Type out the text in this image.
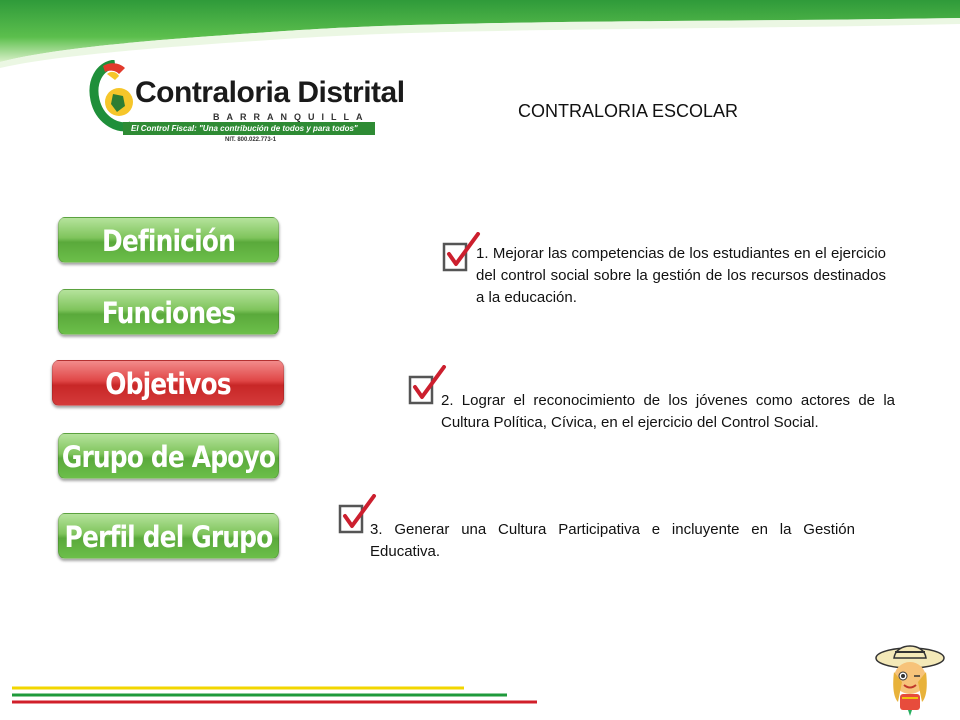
Contraloria Distrital
BARRANQUILLA
El Control Fiscal: "Una contribución de todos y para todos"
NIT. 800.022.773-1
CONTRALORIA ESCOLAR
Definición
Funciones
Objetivos
Grupo de Apoyo
Perfil del Grupo
1. Mejorar las competencias de los estudiantes en el ejercicio del control social sobre la gestión de los recursos destinados a la educación.
2. Lograr el reconocimiento de los jóvenes como actores de la Cultura Política, Cívica, en el ejercicio del Control Social.
3. Generar una Cultura Participativa e incluyente en la Gestión Educativa.
